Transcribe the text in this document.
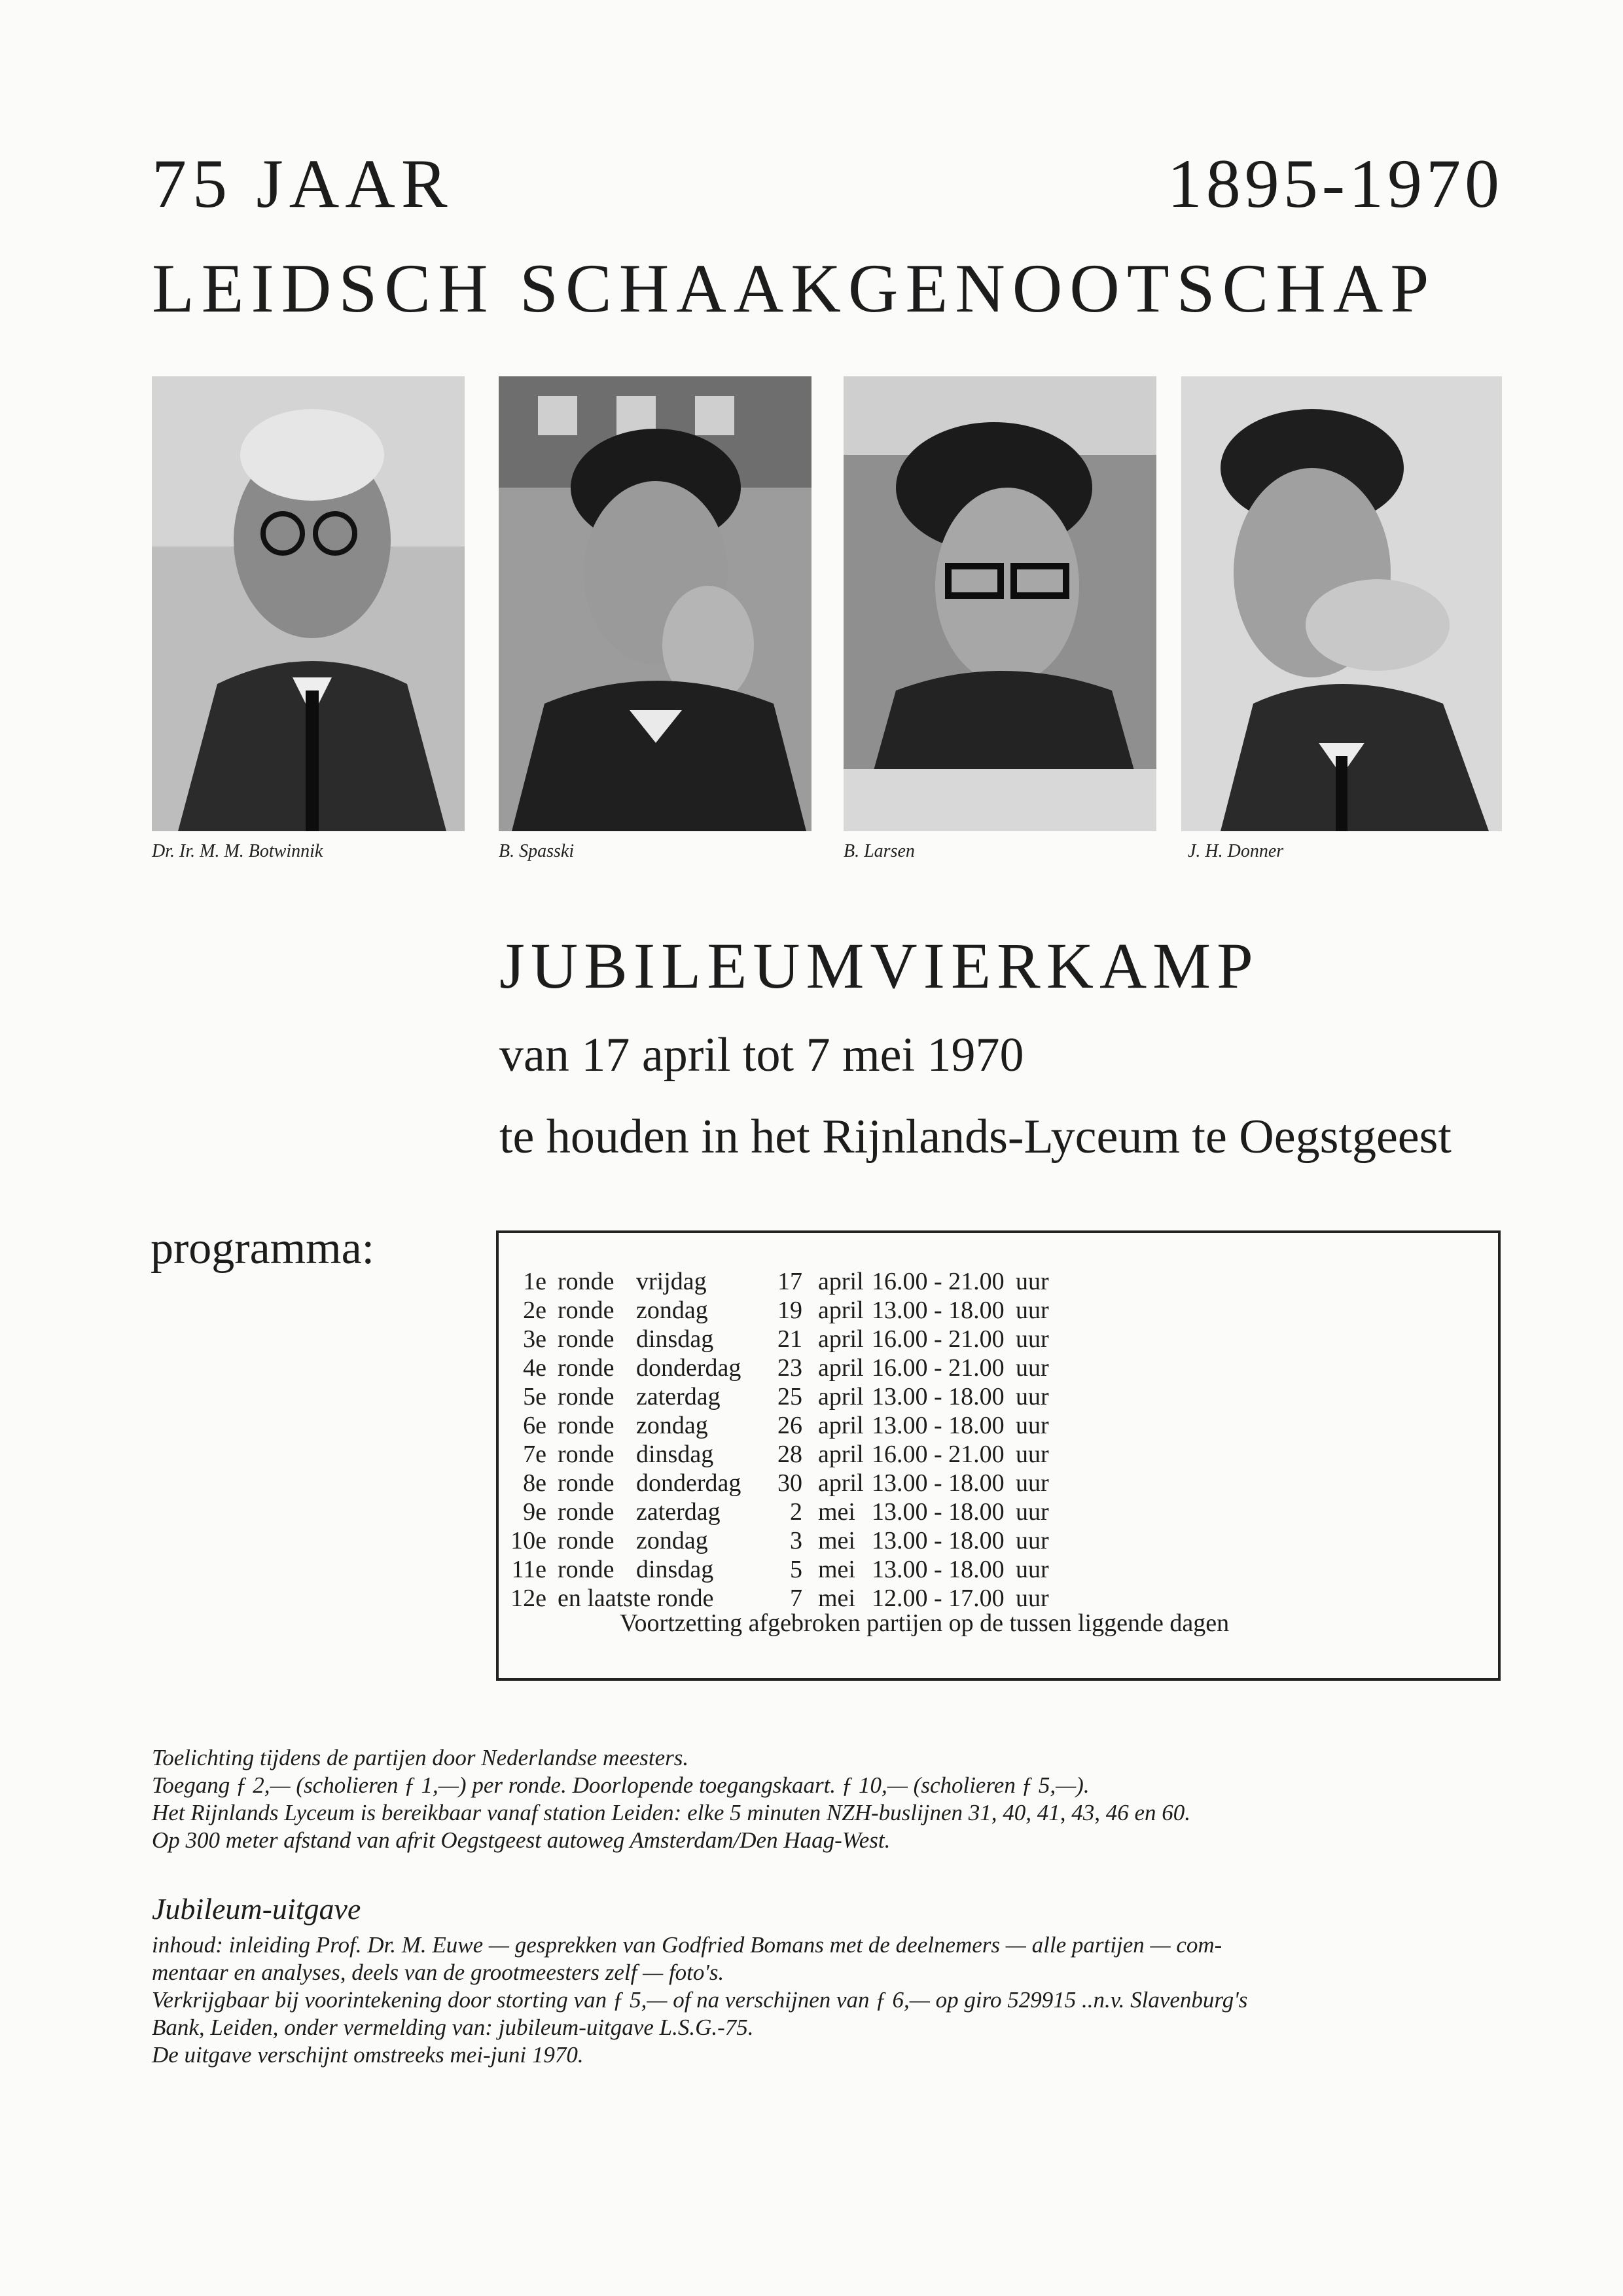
75 JAAR	1895-1970
LEIDSCH SCHAAKGENOOTSCHAP
Dr. Ir. M. M. Botwinnik	B. Spasski	B. Larsen	J. H. Donner
JUBILEUMVIERKAMP
van 17 april tot 7 mei 1970
te houden in het Rijnlands-Lyceum te Oegstgeest
programma:
1e ronde vrijdag	17 april 16.00 - 21.00 uur
2e ronde zondag	19 april 13.00 - 18.00 uur
3e ronde dinsdag	21 april 16.00 - 21.00 uur
4e ronde donderdag 23 april 16.00 - 21.00 uur
5e ronde zaterdag 25 april 13.00 - 18.00 uur
6e ronde zondag	26 april 13.00 - 18.00 uur
7e ronde dinsdag	28 april 16.00 - 21.00 uur
8e ronde donderdag 30 april 13.00 - 18.00 uur
9e ronde zaterdag	2 mei 13.00 - 18.00 uur
10e ronde zondag	3 mei 13.00 - 18.00 uur
11e ronde dinsdag	5 mei 13.00 - 18.00 uur
12e en laatste ronde	7 mei 12.00 - 17.00 uur
Voortzetting afgebroken partijen op de tussen liggende dagen
Toelichting tijdens de partijen door Nederlandse meesters.
Toegang ƒ 2,— (scholieren ƒ 1,—) per ronde. Doorlopende toegangskaart. ƒ 10,— (scholieren ƒ 5,—).
Het Rijnlands Lyceum is bereikbaar vanaf station Leiden: elke 5 minuten NZH-buslijnen 31, 40, 41, 43, 46 en 60.
Op 300 meter afstand van afrit Oegstgeest autoweg Amsterdam/Den Haag-West.
Jubileum-uitgave
inhoud: inleiding Prof. Dr. M. Euwe — gesprekken van Godfried Bomans met de deelnemers — alle partijen — com-
mentaar en analyses, deels van de grootmeesters zelf — foto's.
Verkrijgbaar bij voorintekening door storting van ƒ 5,— of na verschijnen van ƒ 6,— op giro 529915 ..n.v. Slavenburg's
Bank, Leiden, onder vermelding van: jubileum-uitgave L.S.G.-75.
De uitgave verschijnt omstreeks mei-juni 1970.
